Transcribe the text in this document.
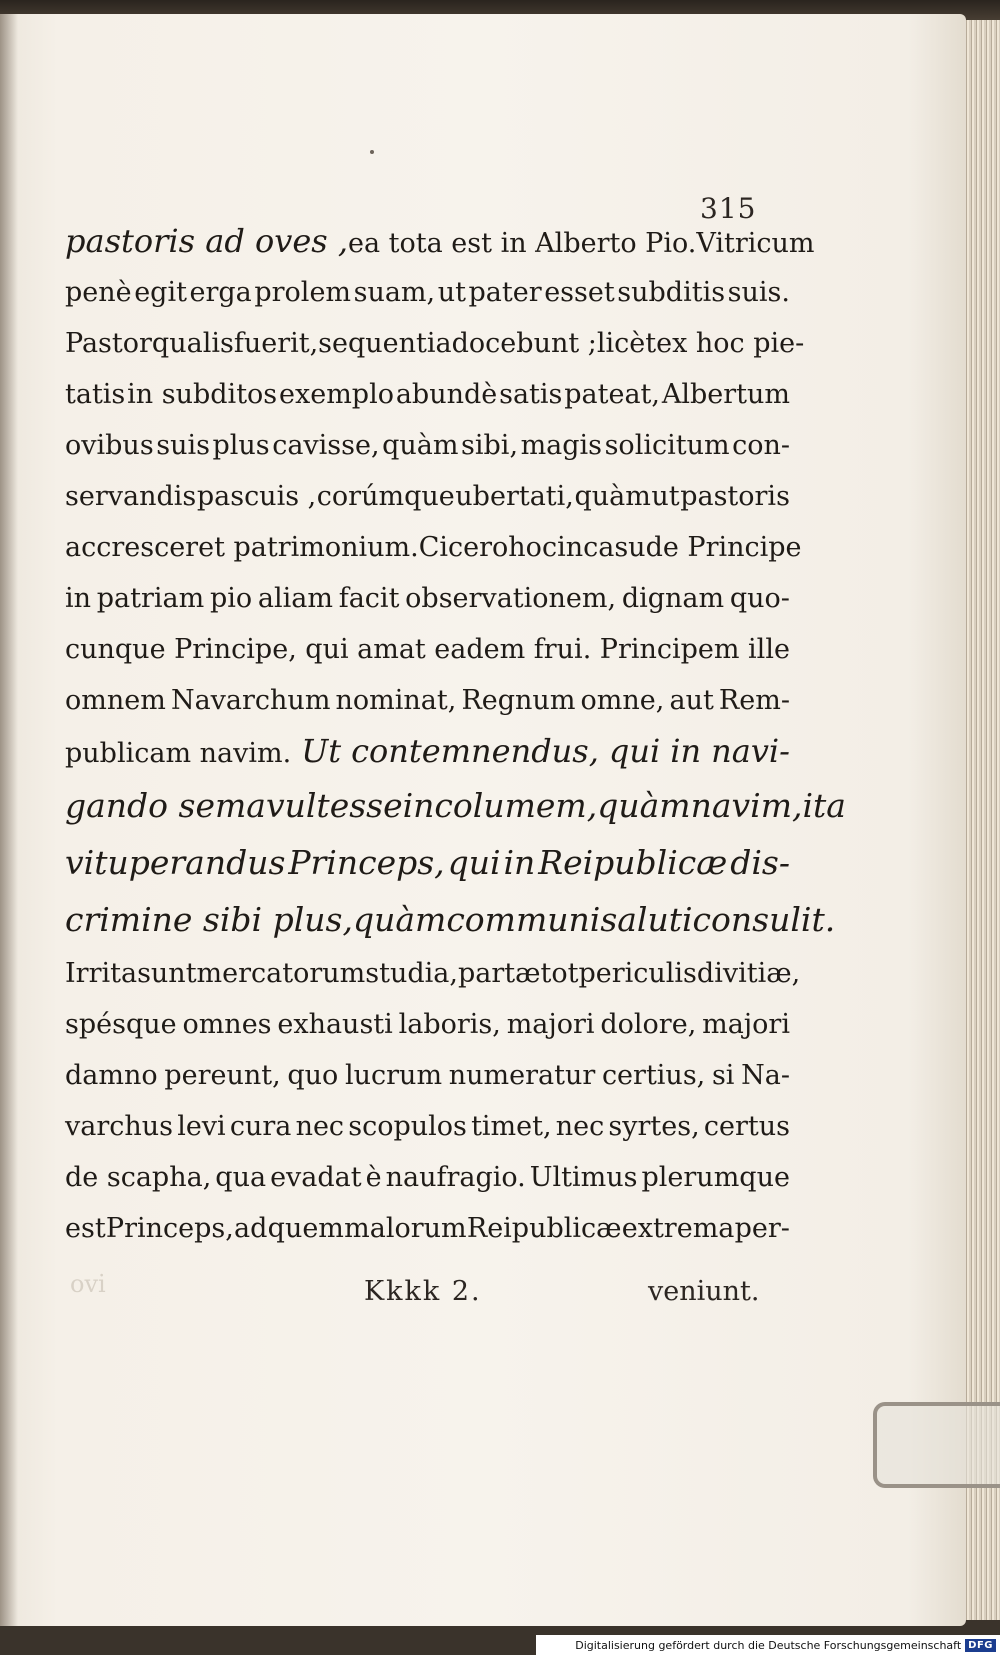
315
pastoris ad oves , ea tota est in Alberto Pio. Vitricum
penè egit erga prolem suam, ut pater esset subditis suis.
Pastor qualis fuerit, sequentia docebunt ; licèt ex hoc pie-
tatis in subditos exemplo abundè satis pateat, Albertum
ovibus suis plus cavisse, quàm sibi, magis solicitum con-
servandis pascuis , corúmque ubertati, quàm ut pastoris
accresceret patrimonium. Cicero hoc in casu de Principe
in patriam pio aliam facit observationem, dignam quo-
cunque Principe, qui amat eadem frui. Principem ille
omnem Navarchum nominat, Regnum omne, aut Rem-
publicam navim. Ut contemnendus, qui in navi-
gando se mavult esse incolumem, quàm navim, ita
vituperandus Princeps, qui in Reipublicæ dis-
crimine sibi plus, quàm communi saluti consulit.
Irrita sunt mercatorum studia, partæ tot periculis divitiæ,
spésque omnes exhausti laboris, majori dolore, majori
damno pereunt, quo lucrum numeratur certius, si Na-
varchus levi cura nec scopulos timet, nec syrtes, certus
de scapha, qua evadat è naufragio. Ultimus plerumque
est Princeps, ad quem malorum Reipublicæ extrema per-
ovi	Kkkk 2.	veniunt.
Digitalisierung gefördert durch die Deutsche Forschungsgemeinschaft DFG
